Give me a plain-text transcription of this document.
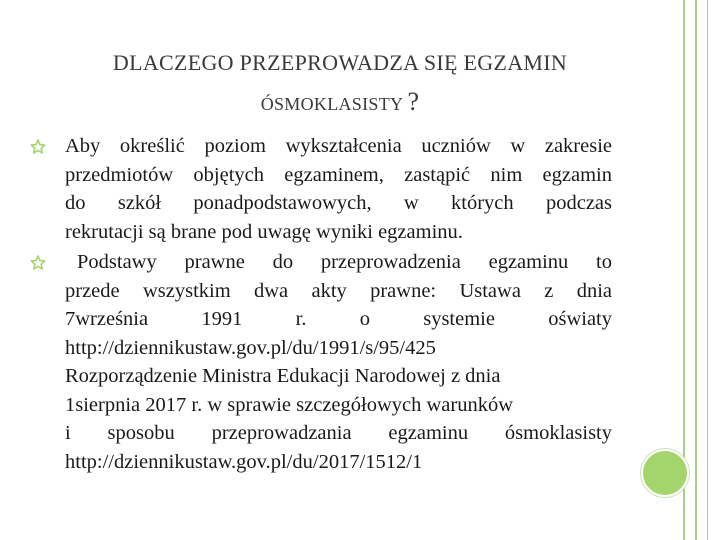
DLACZEGO PRZEPROWADZA SIĘ EGZAMIN
ÓSMOKLASISTY ?
Aby określić poziom wykształcenia uczniów w zakresie
przedmiotów objętych egzaminem, zastąpić nim egzamin
do szkół ponadpodstawowych, w których podczas
rekrutacji są brane pod uwagę wyniki egzaminu.
Podstawy prawne do przeprowadzenia egzaminu to
przede wszystkim dwa akty prawne: Ustawa z dnia
7września 1991 r. o systemie oświaty
http://dziennikustaw.gov.pl/du/1991/s/95/425
Rozporządzenie Ministra Edukacji Narodowej z dnia
1sierpnia 2017 r. w sprawie szczegółowych warunków
i sposobu przeprowadzania egzaminu ósmoklasisty
http://dziennikustaw.gov.pl/du/2017/1512/1
